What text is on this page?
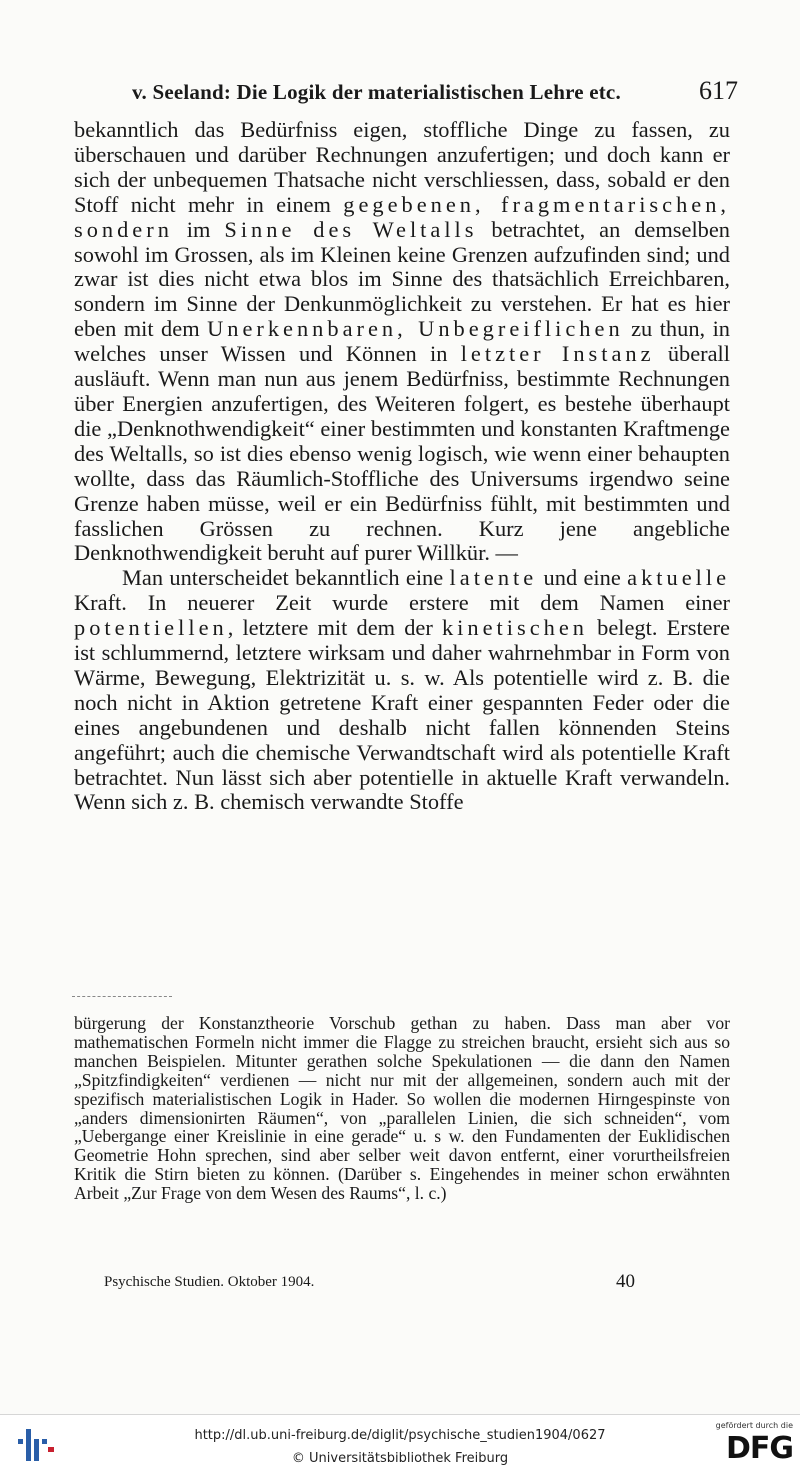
v. Seeland: Die Logik der materialistischen Lehre etc.	617

bekanntlich das Bedürfniss eigen, stoffliche Dinge zu fassen, zu überschauen und darüber Rechnungen anzufertigen; und doch kann er sich der unbequemen Thatsache nicht verschliessen, dass, sobald er den Stoff nicht mehr in einem gegebenen, fragmentarischen, sondern im Sinne des Weltalls betrachtet, an demselben sowohl im Grossen, als im Kleinen keine Grenzen aufzufinden sind; und zwar ist dies nicht etwa blos im Sinne des thatsächlich Erreichbaren, sondern im Sinne der Denkunmöglichkeit zu verstehen. Er hat es hier eben mit dem Unerkennbaren, Unbegreiflichen zu thun, in welches unser Wissen und Können in letzter Instanz überall ausläuft. Wenn man nun aus jenem Bedürfniss, bestimmte Rechnungen über Energien anzufertigen, des Weiteren folgert, es bestehe überhaupt die „Denknothwendigkeit“ einer bestimmten und konstanten Kraftmenge des Weltalls, so ist dies ebenso wenig logisch, wie wenn einer behaupten wollte, dass das Räumlich-Stoffliche des Universums irgendwo seine Grenze haben müsse, weil er ein Bedürfniss fühlt, mit bestimmten und fasslichen Grössen zu rechnen. Kurz jene angebliche Denknothwendigkeit beruht auf purer Willkür. —

Man unterscheidet bekanntlich eine latente und eine aktuelle Kraft. In neuerer Zeit wurde erstere mit dem Namen einer potentiellen, letztere mit dem der kinetischen belegt. Erstere ist schlummernd, letztere wirksam und daher wahrnehmbar in Form von Wärme, Bewegung, Elektrizität u. s. w. Als potentielle wird z. B. die noch nicht in Aktion getretene Kraft einer gespannten Feder oder die eines angebundenen und deshalb nicht fallen könnenden Steins angeführt; auch die chemische Verwandtschaft wird als potentielle Kraft betrachtet. Nun lässt sich aber potentielle in aktuelle Kraft verwandeln. Wenn sich z. B. chemisch verwandte Stoffe

bürgerung der Konstanztheorie Vorschub gethan zu haben. Dass man aber vor mathematischen Formeln nicht immer die Flagge zu streichen braucht, ersieht sich aus so manchen Beispielen. Mitunter gerathen solche Spekulationen — die dann den Namen „Spitzfindigkeiten“ verdienen — nicht nur mit der allgemeinen, sondern auch mit der spezifisch materialistischen Logik in Hader. So wollen die modernen Hirngespinste von „anders dimensionirten Räumen“, von „parallelen Linien, die sich schneiden“, vom „Uebergange einer Kreislinie in eine gerade“ u. s w. den Fundamenten der Euklidischen Geometrie Hohn sprechen, sind aber selber weit davon entfernt, einer vorurtheilsfreien Kritik die Stirn bieten zu können. (Darüber s. Eingehendes in meiner schon erwähnten Arbeit „Zur Frage von dem Wesen des Raums“, l. c.)
Psychische Studien. Oktober 1904.	40
http://dl.ub.uni-freiburg.de/diglit/psychische_studien1904/0627
© Universitätsbibliothek Freiburg
gefördert durch die
DFG
